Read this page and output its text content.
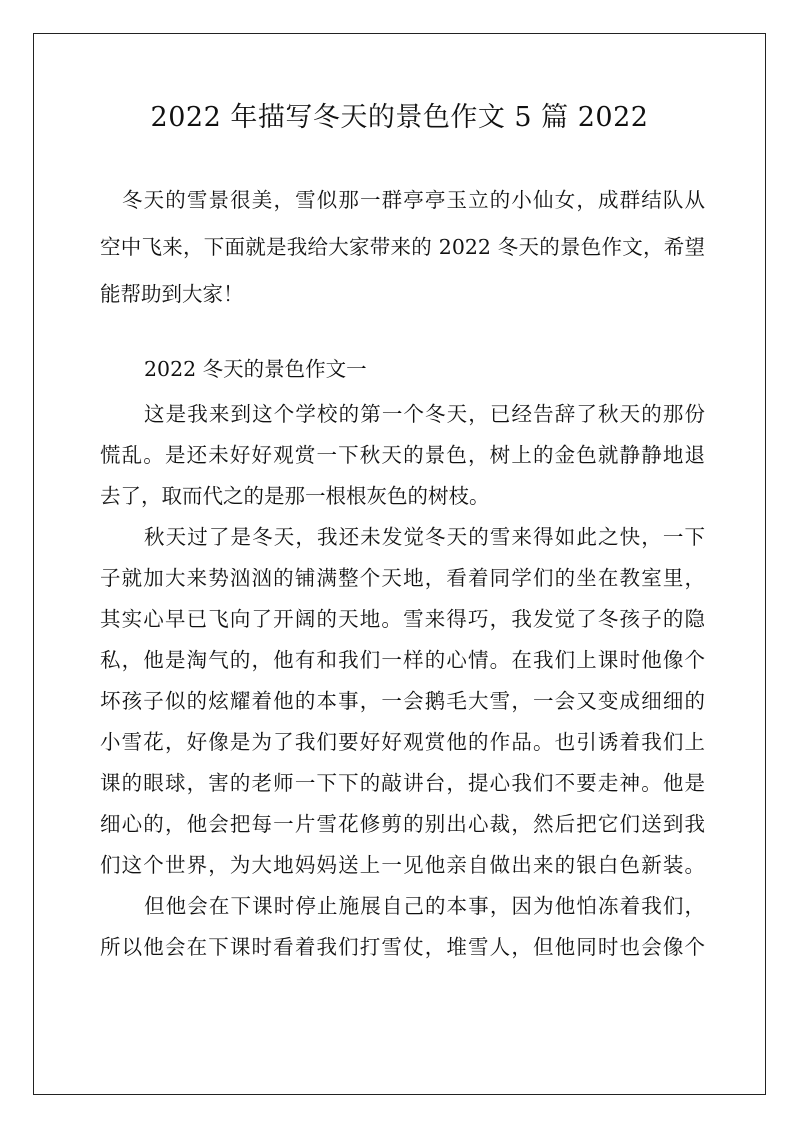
2022 年描写冬天的景色作文 5 篇 2022
冬天的雪景很美，雪似那一群亭亭玉立的小仙女，成群结队从
空中飞来，下面就是我给大家带来的 2022 冬天的景色作文，希望
能帮助到大家！
2022 冬天的景色作文一
这是我来到这个学校的第一个冬天，已经告辞了秋天的那份
慌乱。是还未好好观赏一下秋天的景色，树上的金色就静静地退
去了，取而代之的是那一根根灰色的树枝。
秋天过了是冬天，我还未发觉冬天的雪来得如此之快，一下
子就加大来势汹汹的铺满整个天地，看着同学们的坐在教室里，
其实心早已飞向了开阔的天地。雪来得巧，我发觉了冬孩子的隐
私，他是淘气的，他有和我们一样的心情。在我们上课时他像个
坏孩子似的炫耀着他的本事，一会鹅毛大雪，一会又变成细细的
小雪花，好像是为了我们要好好观赏他的作品。也引诱着我们上
课的眼球，害的老师一下下的敲讲台，提心我们不要走神。他是
细心的，他会把每一片雪花修剪的别出心裁，然后把它们送到我
们这个世界，为大地妈妈送上一见他亲自做出来的银白色新装。
但他会在下课时停止施展自己的本事，因为他怕冻着我们，
所以他会在下课时看着我们打雪仗，堆雪人，但他同时也会像个
